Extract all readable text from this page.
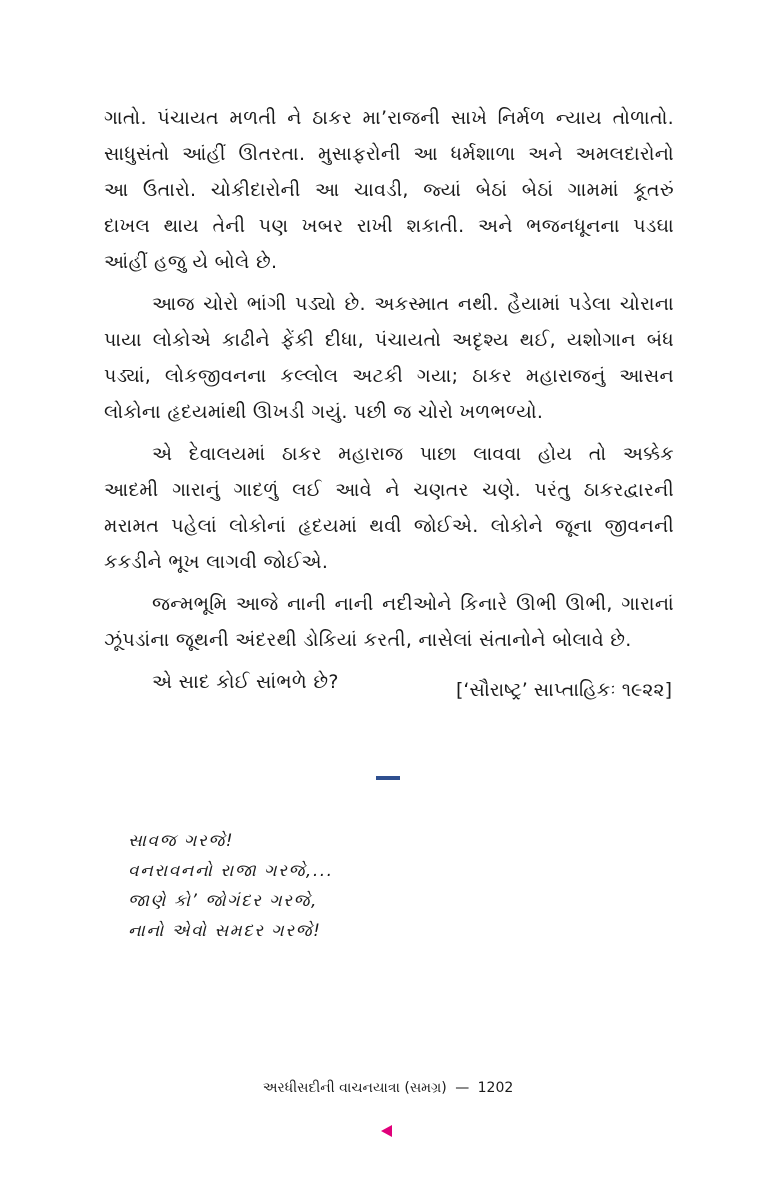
ગાતો. પંચાયત મળતી ને ઠાકર મા’રાજની સાખે નિર્મળ ન્યાય તોળાતો.
સાધુસંતો આંહીં ઊતરતા. મુસાફરોની આ ધર્મશાળા અને અમલદારોનો
આ ઉતારો. ચોકીદારોની આ ચાવડી, જ્યાં બેઠાં બેઠાં ગામમાં કૂતરું
દાખલ થાય તેની પણ ખબર રાખી શકાતી. અને ભજનધૂનના પડઘા
આંહીં હજુ યે બોલે છે.

આજ ચોરો ભાંગી પડ્યો છે. અકસ્માત નથી. હૈયામાં પડેલા ચોરાના
પાયા લોકોએ કાઢીને ફેંકી દીધા, પંચાયતો અદૃશ્ય થઈ, યશોગાન બંધ
પડ્યાં, લોકજીવનના કલ્લોલ અટકી ગયા; ઠાકર મહારાજનું આસન
લોકોના હૃદયમાંથી ઊખડી ગયું. પછી જ ચોરો ખળભળ્યો.

એ દેવાલયમાં ઠાકર મહારાજ પાછા લાવવા હોય તો અક્કેક
આદમી ગારાનું ગાદળું લઈ આવે ને ચણતર ચણે. પરંતુ ઠાકરદ્વારની
મરામત પહેલાં લોકોનાં હૃદયમાં થવી જોઈએ. લોકોને જૂના જીવનની
કકડીને ભૂખ લાગવી જોઈએ.

જન્મભૂમિ આજે નાની નાની નદીઓને કિનારે ઊભી ઊભી, ગારાનાં
ઝૂંપડાંના જૂથની અંદરથી ડોકિયાં કરતી, નાસેલાં સંતાનોને બોલાવે છે.

એ સાદ કોઈ સાંભળે છે?	[‘સૌરાષ્ટ્ર’ સાપ્તાહિકઃ ૧૯૨૨]
સાવજ ગરજે!
વનરાવનનો રાજા ગરજે,...
જાણે કો’ જોગંદર ગરજે,
નાનો એવો સમદર ગરજે!
અરધીસદીની વાચનયાત્રા (સમગ્ર) — 1202
